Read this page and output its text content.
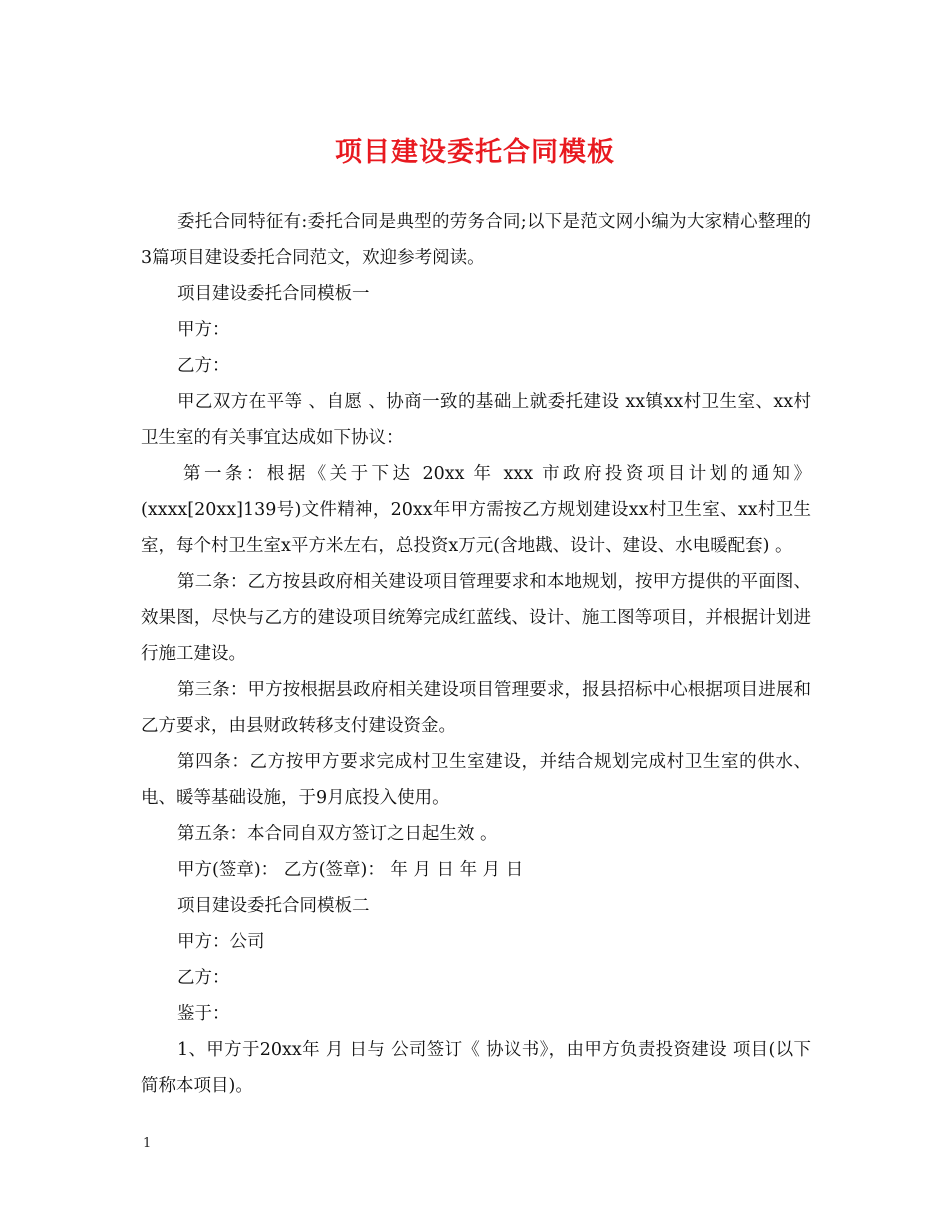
项目建设委托合同模板

委托合同特征有:委托合同是典型的劳务合同;以下是范文网小编为大家精心整理的3篇项目建设委托合同范文，欢迎参考阅读。

项目建设委托合同模板一

甲方：

乙方：

甲乙双方在平等 、自愿 、协商一致的基础上就委托建设 xx镇xx村卫生室、xx村卫生室的有关事宜达成如下协议：

第一条：根据《关于下达 20xx 年 xxx 市政府投资项目计划的通知》(xxxx[20xx]139号)文件精神，20xx年甲方需按乙方规划建设xx村卫生室、xx村卫生室，每个村卫生室x平方米左右，总投资x万元(含地戡、设计、建设、水电暖配套) 。

第二条：乙方按县政府相关建设项目管理要求和本地规划，按甲方提供的平面图、效果图，尽快与乙方的建设项目统筹完成红蓝线、设计、施工图等项目，并根据计划进行施工建设。

第三条：甲方按根据县政府相关建设项目管理要求，报县招标中心根据项目进展和乙方要求，由县财政转移支付建设资金。

第四条：乙方按甲方要求完成村卫生室建设，并结合规划完成村卫生室的供水、电、暖等基础设施，于9月底投入使用。

第五条：本合同自双方签订之日起生效 。

甲方(签章)： 乙方(签章)： 年 月 日 年 月 日

项目建设委托合同模板二

甲方：公司

乙方：

鉴于：

1、甲方于20xx年 月 日与 公司签订《 协议书》，由甲方负责投资建设 项目(以下简称本项目)。

1
